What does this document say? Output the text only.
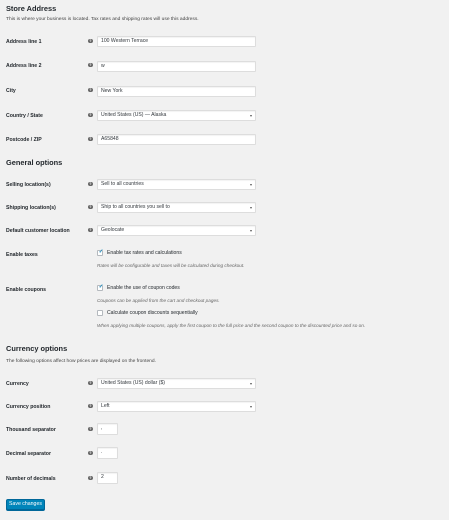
Store Address
This is where your business is located. Tax rates and shipping rates will use this address.
Address line 1	?	100 Western Terrace
Address line 2	?	w
City	?	New York
Country / State	?	United States (US) — Alaska
Postcode / ZIP	?	A65848
General options
Selling location(s)	?	Sell to all countries
Shipping location(s)	?	Ship to all countries you sell to
Default customer location	?	Geolocate
Enable taxes	✓ Enable tax rates and calculations
Rates will be configurable and taxes will be calculated during checkout.
Enable coupons	✓ Enable the use of coupon codes
Coupons can be applied from the cart and checkout pages.
Calculate coupon discounts sequentially
When applying multiple coupons, apply the first coupon to the full price and the second coupon to the discounted price and so on.
Currency options
The following options affect how prices are displayed on the frontend.
Currency	?	United States (US) dollar ($)
Currency position	?	Left
Thousand separator	?	,
Decimal separator	?	.
Number of decimals	?	2
Save changes
